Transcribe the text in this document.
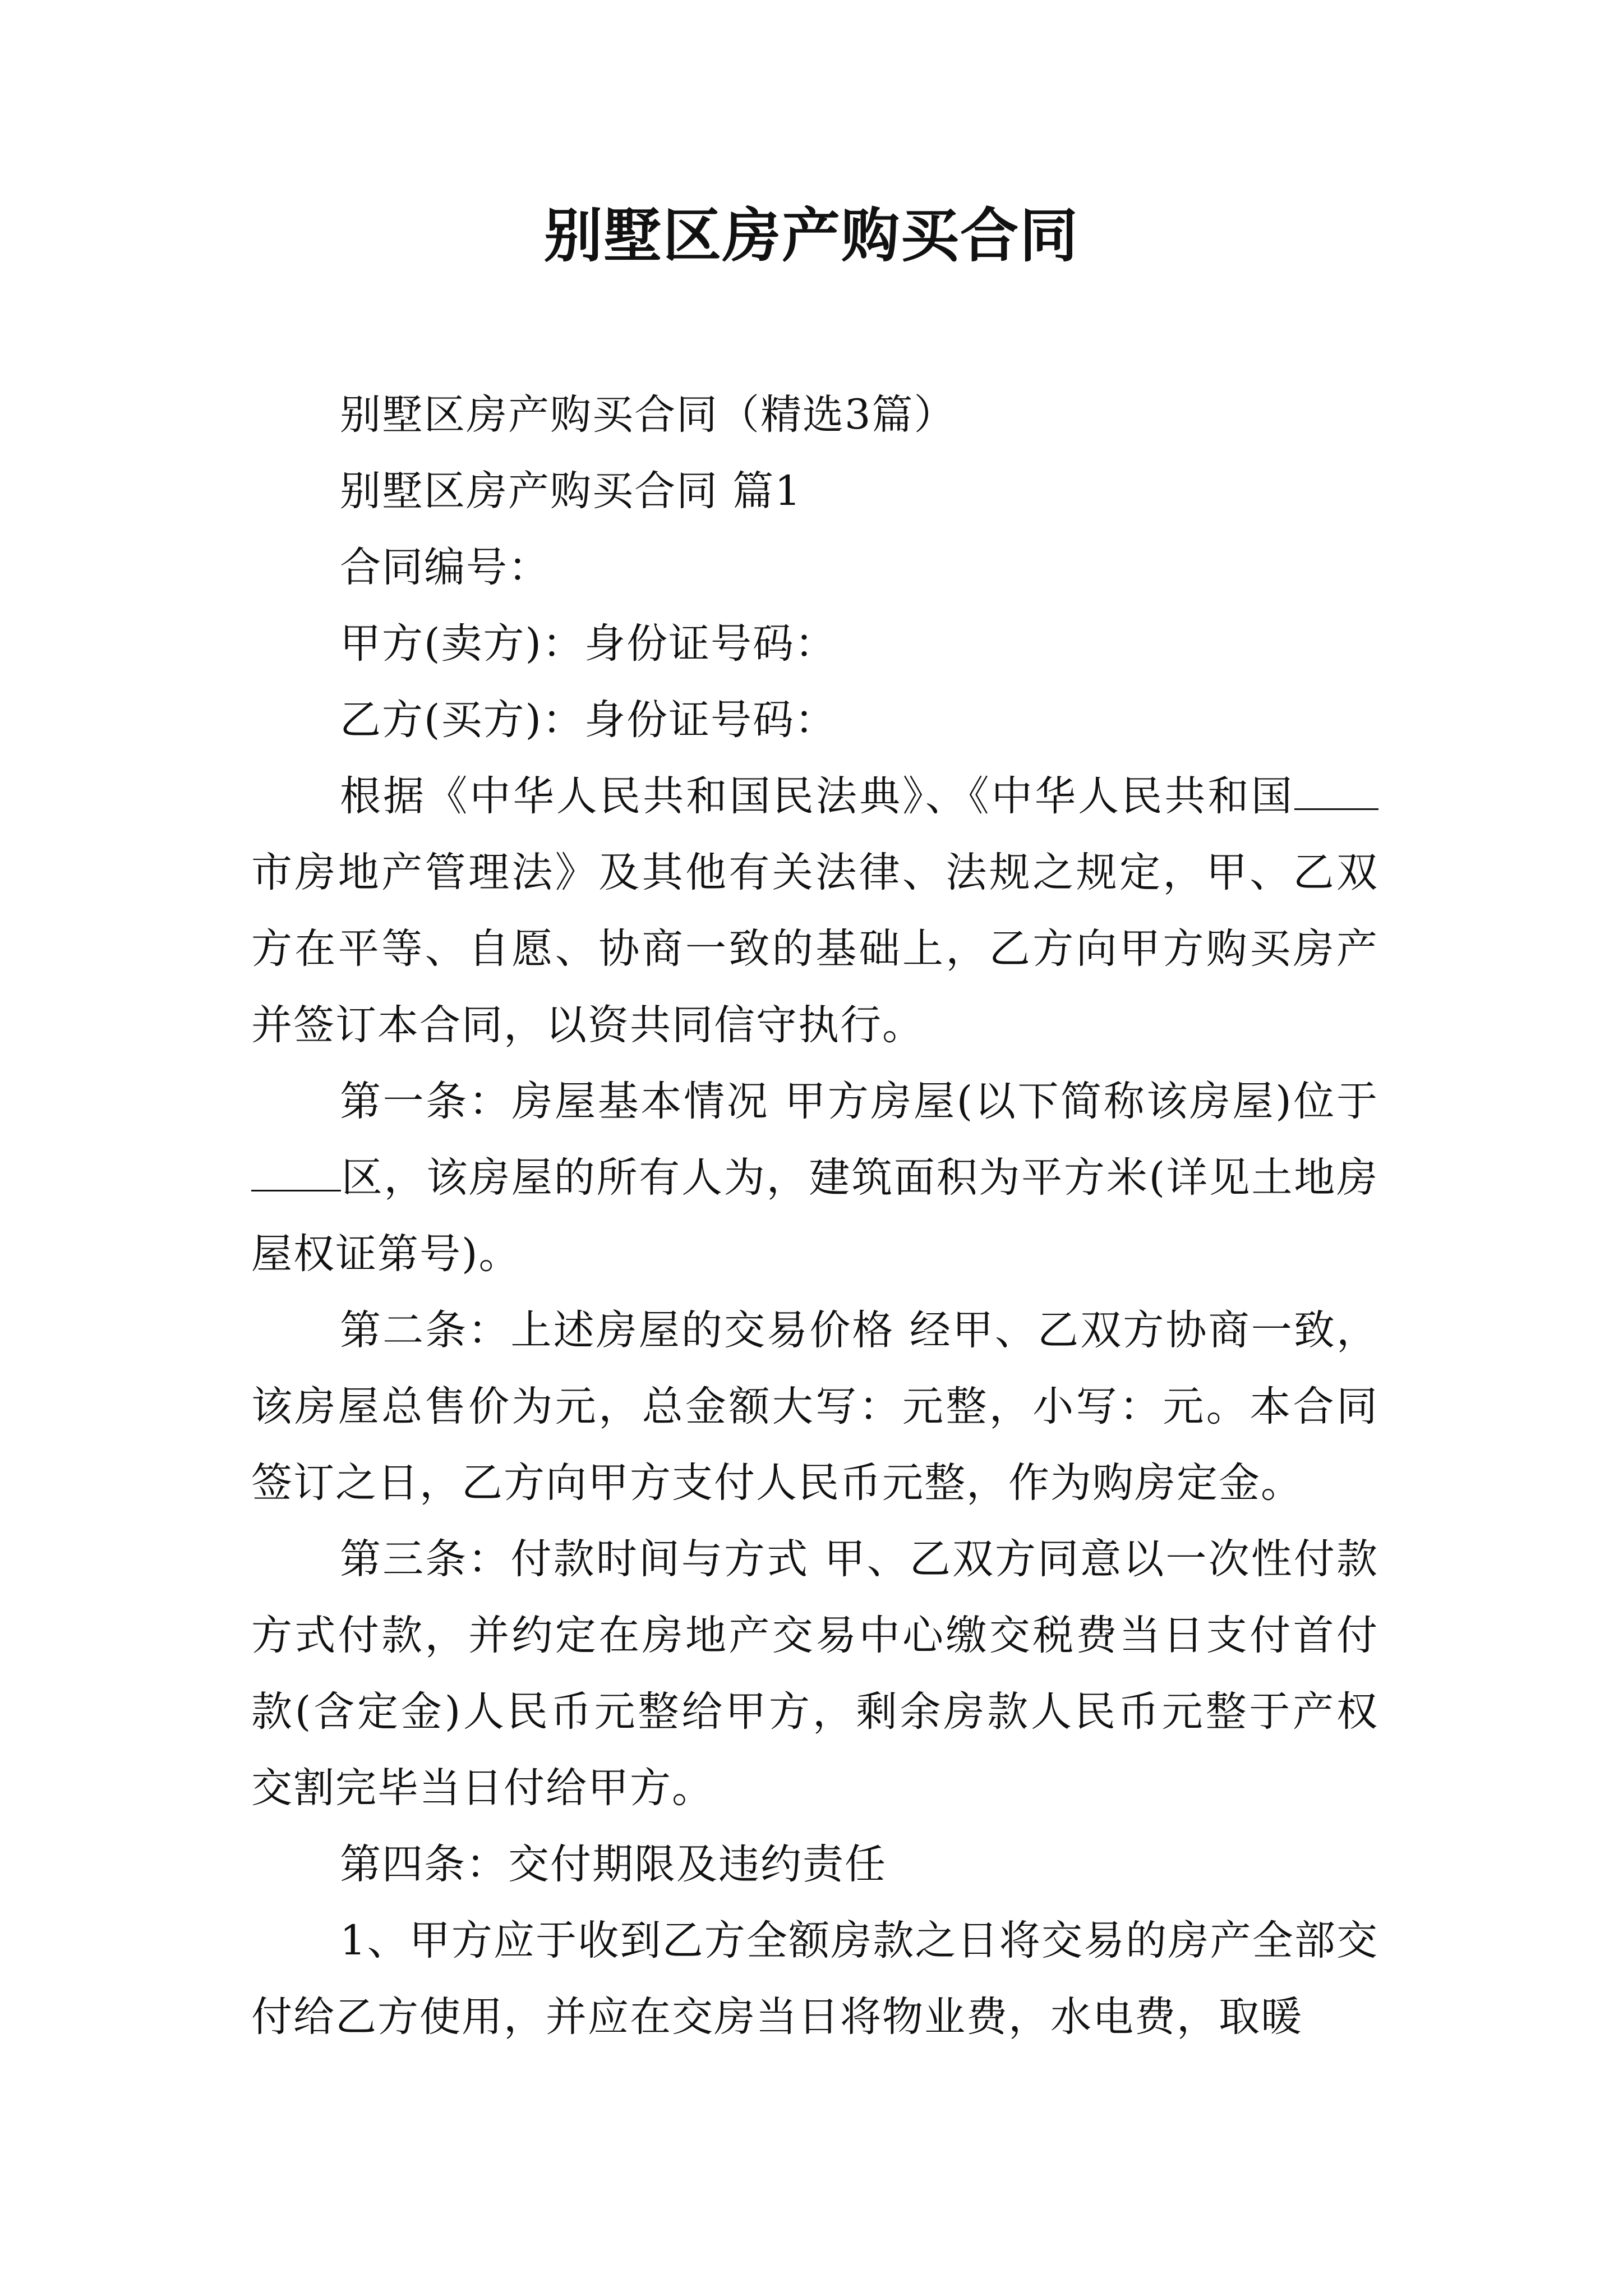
别墅区房产购买合同

别墅区房产购买合同（精选3篇）

别墅区房产购买合同 篇1

合同编号：

甲方(卖方)：身份证号码：

乙方(买方)：身份证号码：

根据《中华人民共和国民法典》、《中华人民共和国市房地产管理法》及其他有关法律、法规之规定，甲、乙双方在平等、自愿、协商一致的基础上，乙方向甲方购买房产并签订本合同，以资共同信守执行。

第一条：房屋基本情况 甲方房屋(以下简称该房屋)位于区，该房屋的所有人为，建筑面积为平方米(详见土地房屋权证第号)。

第二条：上述房屋的交易价格 经甲、乙双方协商一致，该房屋总售价为元，总金额大写：元整，小写：元。本合同签订之日，乙方向甲方支付人民币元整，作为购房定金。

第三条：付款时间与方式 甲、乙双方同意以一次性付款方式付款，并约定在房地产交易中心缴交税费当日支付首付款(含定金)人民币元整给甲方，剩余房款人民币元整于产权交割完毕当日付给甲方。

第四条：交付期限及违约责任

1、甲方应于收到乙方全额房款之日将交易的房产全部交付给乙方使用，并应在交房当日将物业费，水电费，取暖
